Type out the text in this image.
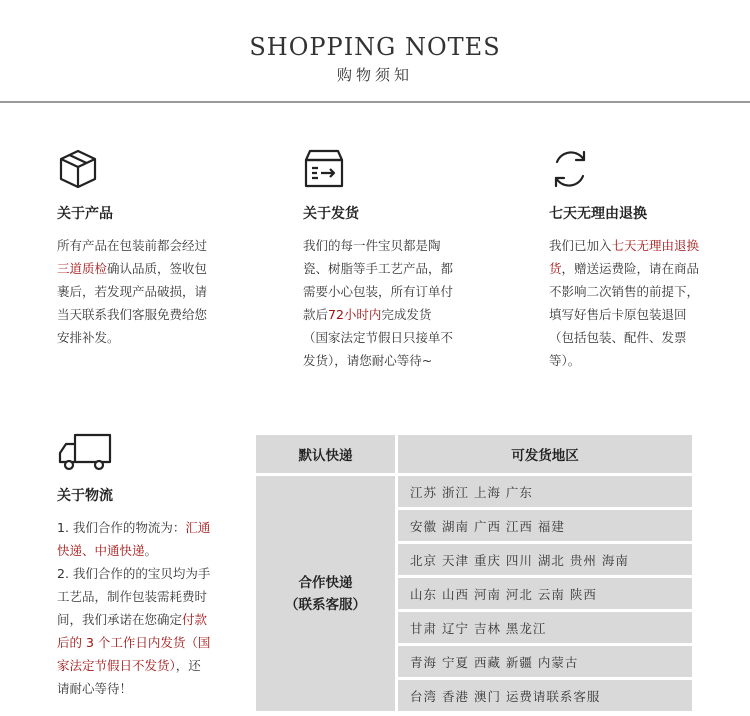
SHOPPING NOTES
购物须知
关于产品

所有产品在包装前都会经过三道质检确认品质，签收包裹后，若发现产品破损，请当天联系我们客服免费给您安排补发。

关于发货

我们的每一件宝贝都是陶瓷、树脂等手工艺产品，都需要小心包装，所有订单付款后72小时内完成发货（国家法定节假日只接单不发货），请您耐心等待~

七天无理由退换

我们已加入七天无理由退换货，赠送运费险，请在商品不影响二次销售的前提下，填写好售后卡原包装退回（包括包装、配件、发票等）。

关于物流

1. 我们合作的物流为：汇通快递、中通快递。

2. 我们合作的的宝贝均为手工艺品，制作包装需耗费时间，我们承诺在您确定付款后的 3 个工作日内发货（国家法定节假日不发货），还请耐心等待！

默认快递	可发货地区

合作快递
（联系客服）	江苏 浙江 上海 广东
	安徽 湖南 广西 江西 福建
	北京 天津 重庆 四川 湖北 贵州 海南
	山东 山西 河南 河北 云南 陕西
	甘肃 辽宁 吉林 黑龙江
	青海 宁夏 西藏 新疆 内蒙古
	台湾 香港 澳门 运费请联系客服
